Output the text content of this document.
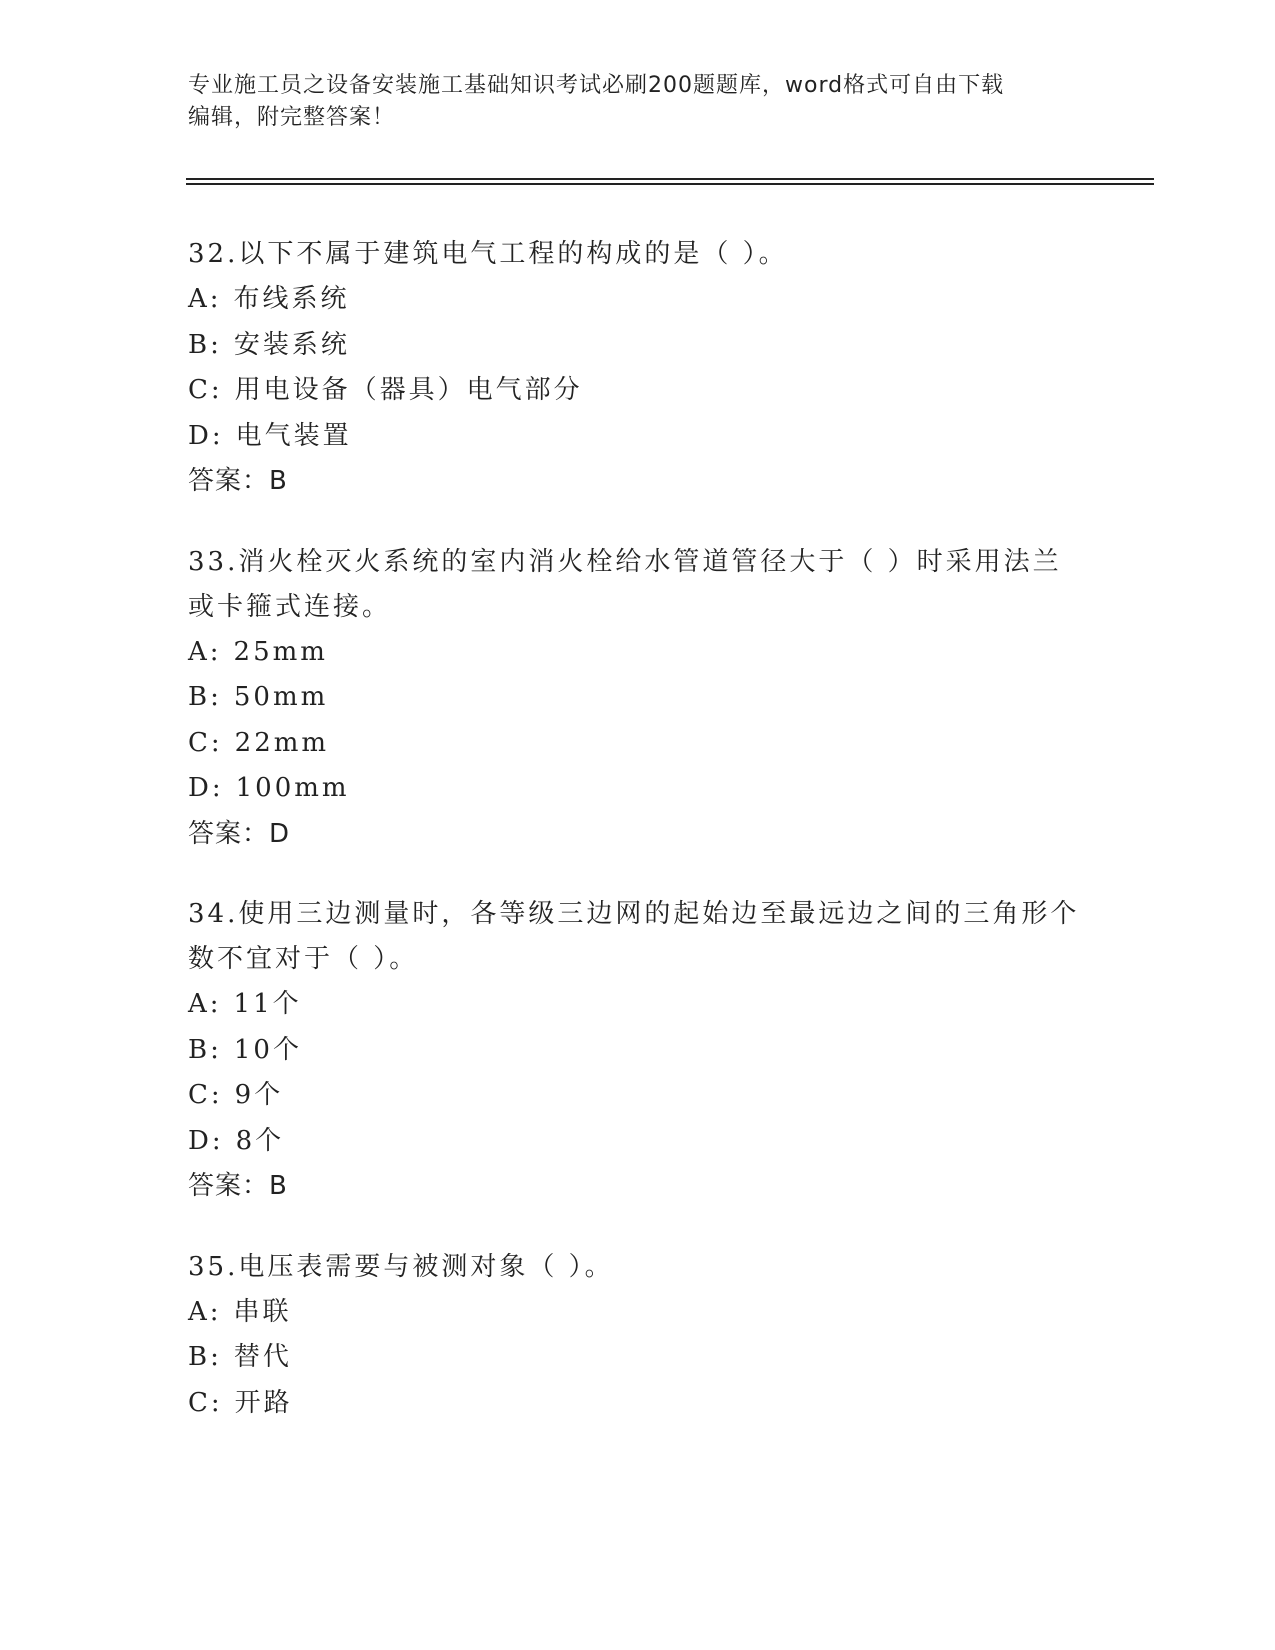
专业施工员之设备安装施工基础知识考试必刷200题题库，word格式可自由下载
编辑，附完整答案！
32.以下不属于建筑电气工程的构成的是（ ）。
A: 布线系统
B: 安装系统
C: 用电设备（器具）电气部分
D: 电气装置
答案：B
33.消火栓灭火系统的室内消火栓给水管道管径大于（ ）时采用法兰
或卡箍式连接。
A: 25mm
B: 50mm
C: 22mm
D: 100mm
答案：D
34.使用三边测量时，各等级三边网的起始边至最远边之间的三角形个
数不宜对于（ ）。
A: 11个
B: 10个
C: 9个
D: 8个
答案：B
35.电压表需要与被测对象（ ）。
A: 串联
B: 替代
C: 开路
